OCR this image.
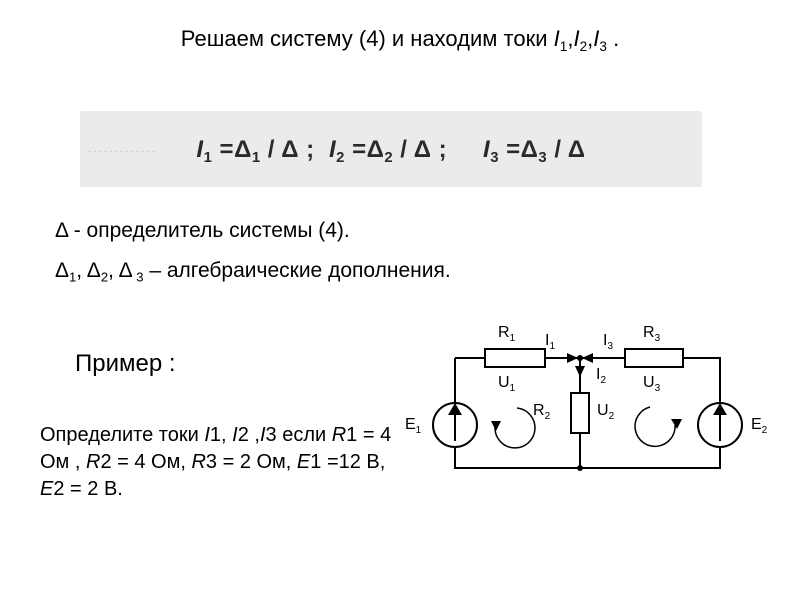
Решаем систему (4) и находим токи $I_1,I_2,I_3$ .
·············	$I_1 =\Delta_1 / \Delta$ ;  $I_2 =\Delta_2 / \Delta$ ;     $I_3 =\Delta_3 / \Delta$
Δ - определитель системы (4).
$\Delta_1$, $\Delta_2$, Δ $_3$ – алгебраические дополнения.
Пример :
Определите токи I1, I2 ,I3 если R1 = 4 Ом , R2 = 4 Ом, R3 = 2 Ом, E1 =12 В, E2 = 2 В.
$R_1$
$U_1$
$I_1$	$I_3$
$R_3$
$U_3$
$I_2$
$R_2$	$U_2$
$E_1$	$E_2$
